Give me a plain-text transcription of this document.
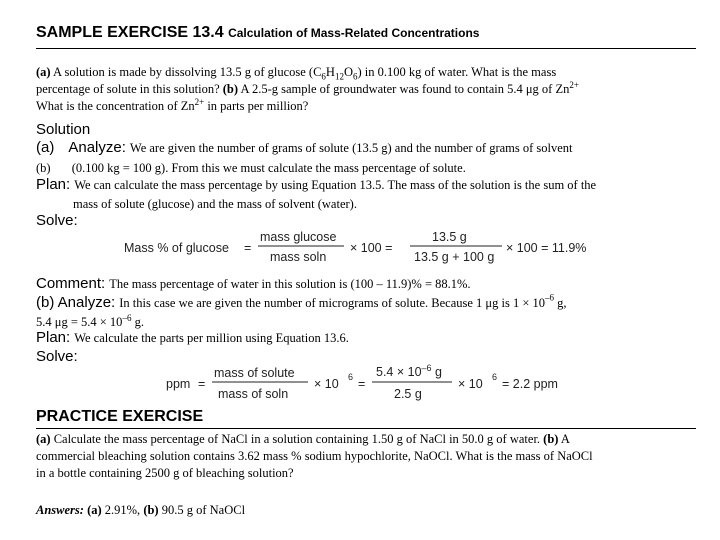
SAMPLE EXERCISE 13.4 Calculation of Mass-Related Concentrations
(a) A solution is made by dissolving 13.5 g of glucose $(C_6H_{12}O_6)$ in 0.100 kg of water. What is the mass
percentage of solute in this solution? (b) A 2.5-g sample of groundwater was found to contain 5.4 μg of $Zn^{2+}$
What is the concentration of $Zn^{2+}$ in parts per million?
Solution
(a) Analyze: We are given the number of grams of solute (13.5 g) and the number of grams of solvent
(b) (0.100 kg = 100 g). From this we must calculate the mass percentage of solute.
Plan: We can calculate the mass percentage by using Equation 13.5. The mass of the solution is the sum of the
mass of solute (glucose) and the mass of solvent (water).
Solve:
Mass % of glucose =
mass glucose
mass soln
× 100 =
13.5 g
13.5 g + 100 g
× 100 = 11.9%
Comment: The mass percentage of water in this solution is (100 – 11.9)% = 88.1%.
(b) Analyze: In this case we are given the number of micrograms of solute. Because 1 μg is $1 \times 10^{-6}$ g,
5.4 $\mu g = 5.4 \times 10^{-6}$ g.
Plan: We calculate the parts per million using Equation 13.6.
Solve:
ppm =
mass of solute
mass of soln
× 10 6 =
$5.4 \times 10^{-6}$ g
2.5 g
× 10 6 = 2.2 ppm
PRACTICE EXERCISE
(a) Calculate the mass percentage of NaCl in a solution containing 1.50 g of NaCl in 50.0 g of water. (b) A
commercial bleaching solution contains 3.62 mass % sodium hypochlorite, NaOCl. What is the mass of NaOCl
in a bottle containing 2500 g of bleaching solution?
Answers: (a) 2.91%, (b) 90.5 g of NaOCl
